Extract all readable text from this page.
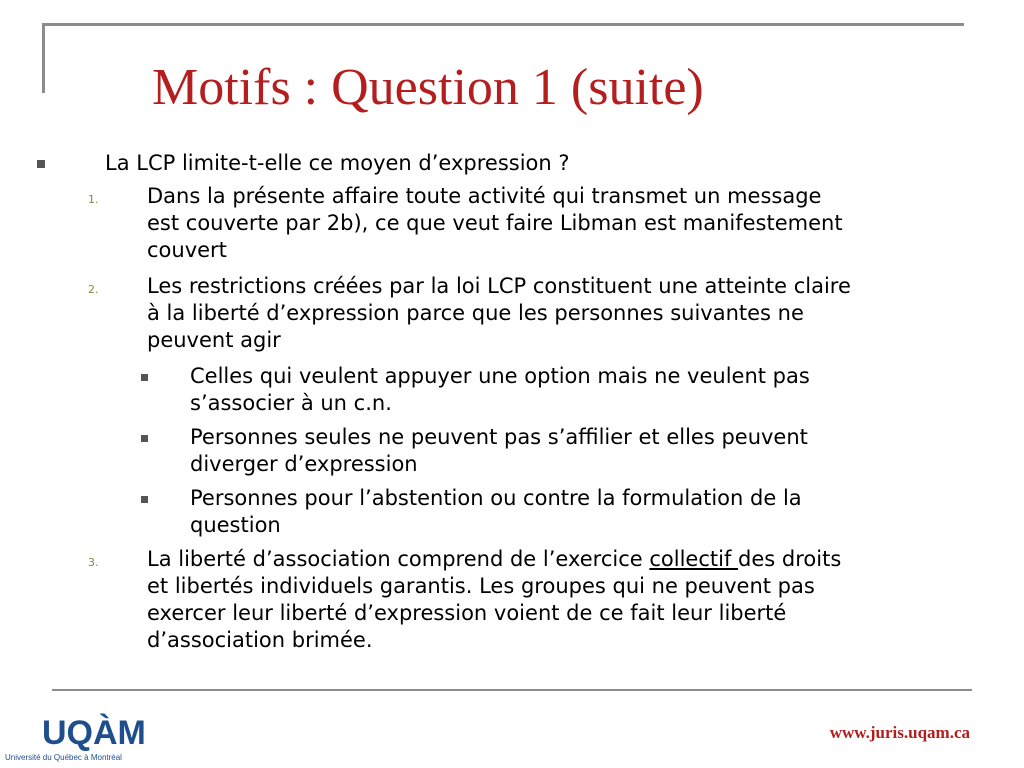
Motifs : Question 1 (suite)
La LCP limite-t-elle ce moyen d’expression ?
1. Dans la présente affaire toute activité qui transmet un message
est couverte par 2b), ce que veut faire Libman est manifestement
couvert
2. Les restrictions créées par la loi LCP constituent une atteinte claire
à la liberté d’expression parce que les personnes suivantes ne
peuvent agir
Celles qui veulent appuyer une option mais ne veulent pas
s’associer à un c.n.
Personnes seules ne peuvent pas s’affilier et elles peuvent
diverger d’expression
Personnes pour l’abstention ou contre la formulation de la
question
3. La liberté d’association comprend de l’exercice collectif des droits
et libertés individuels garantis. Les groupes qui ne peuvent pas
exercer leur liberté d’expression voient de ce fait leur liberté
d’association brimée.
UQÀM
Université du Québec à Montréal
www.juris.uqam.ca
